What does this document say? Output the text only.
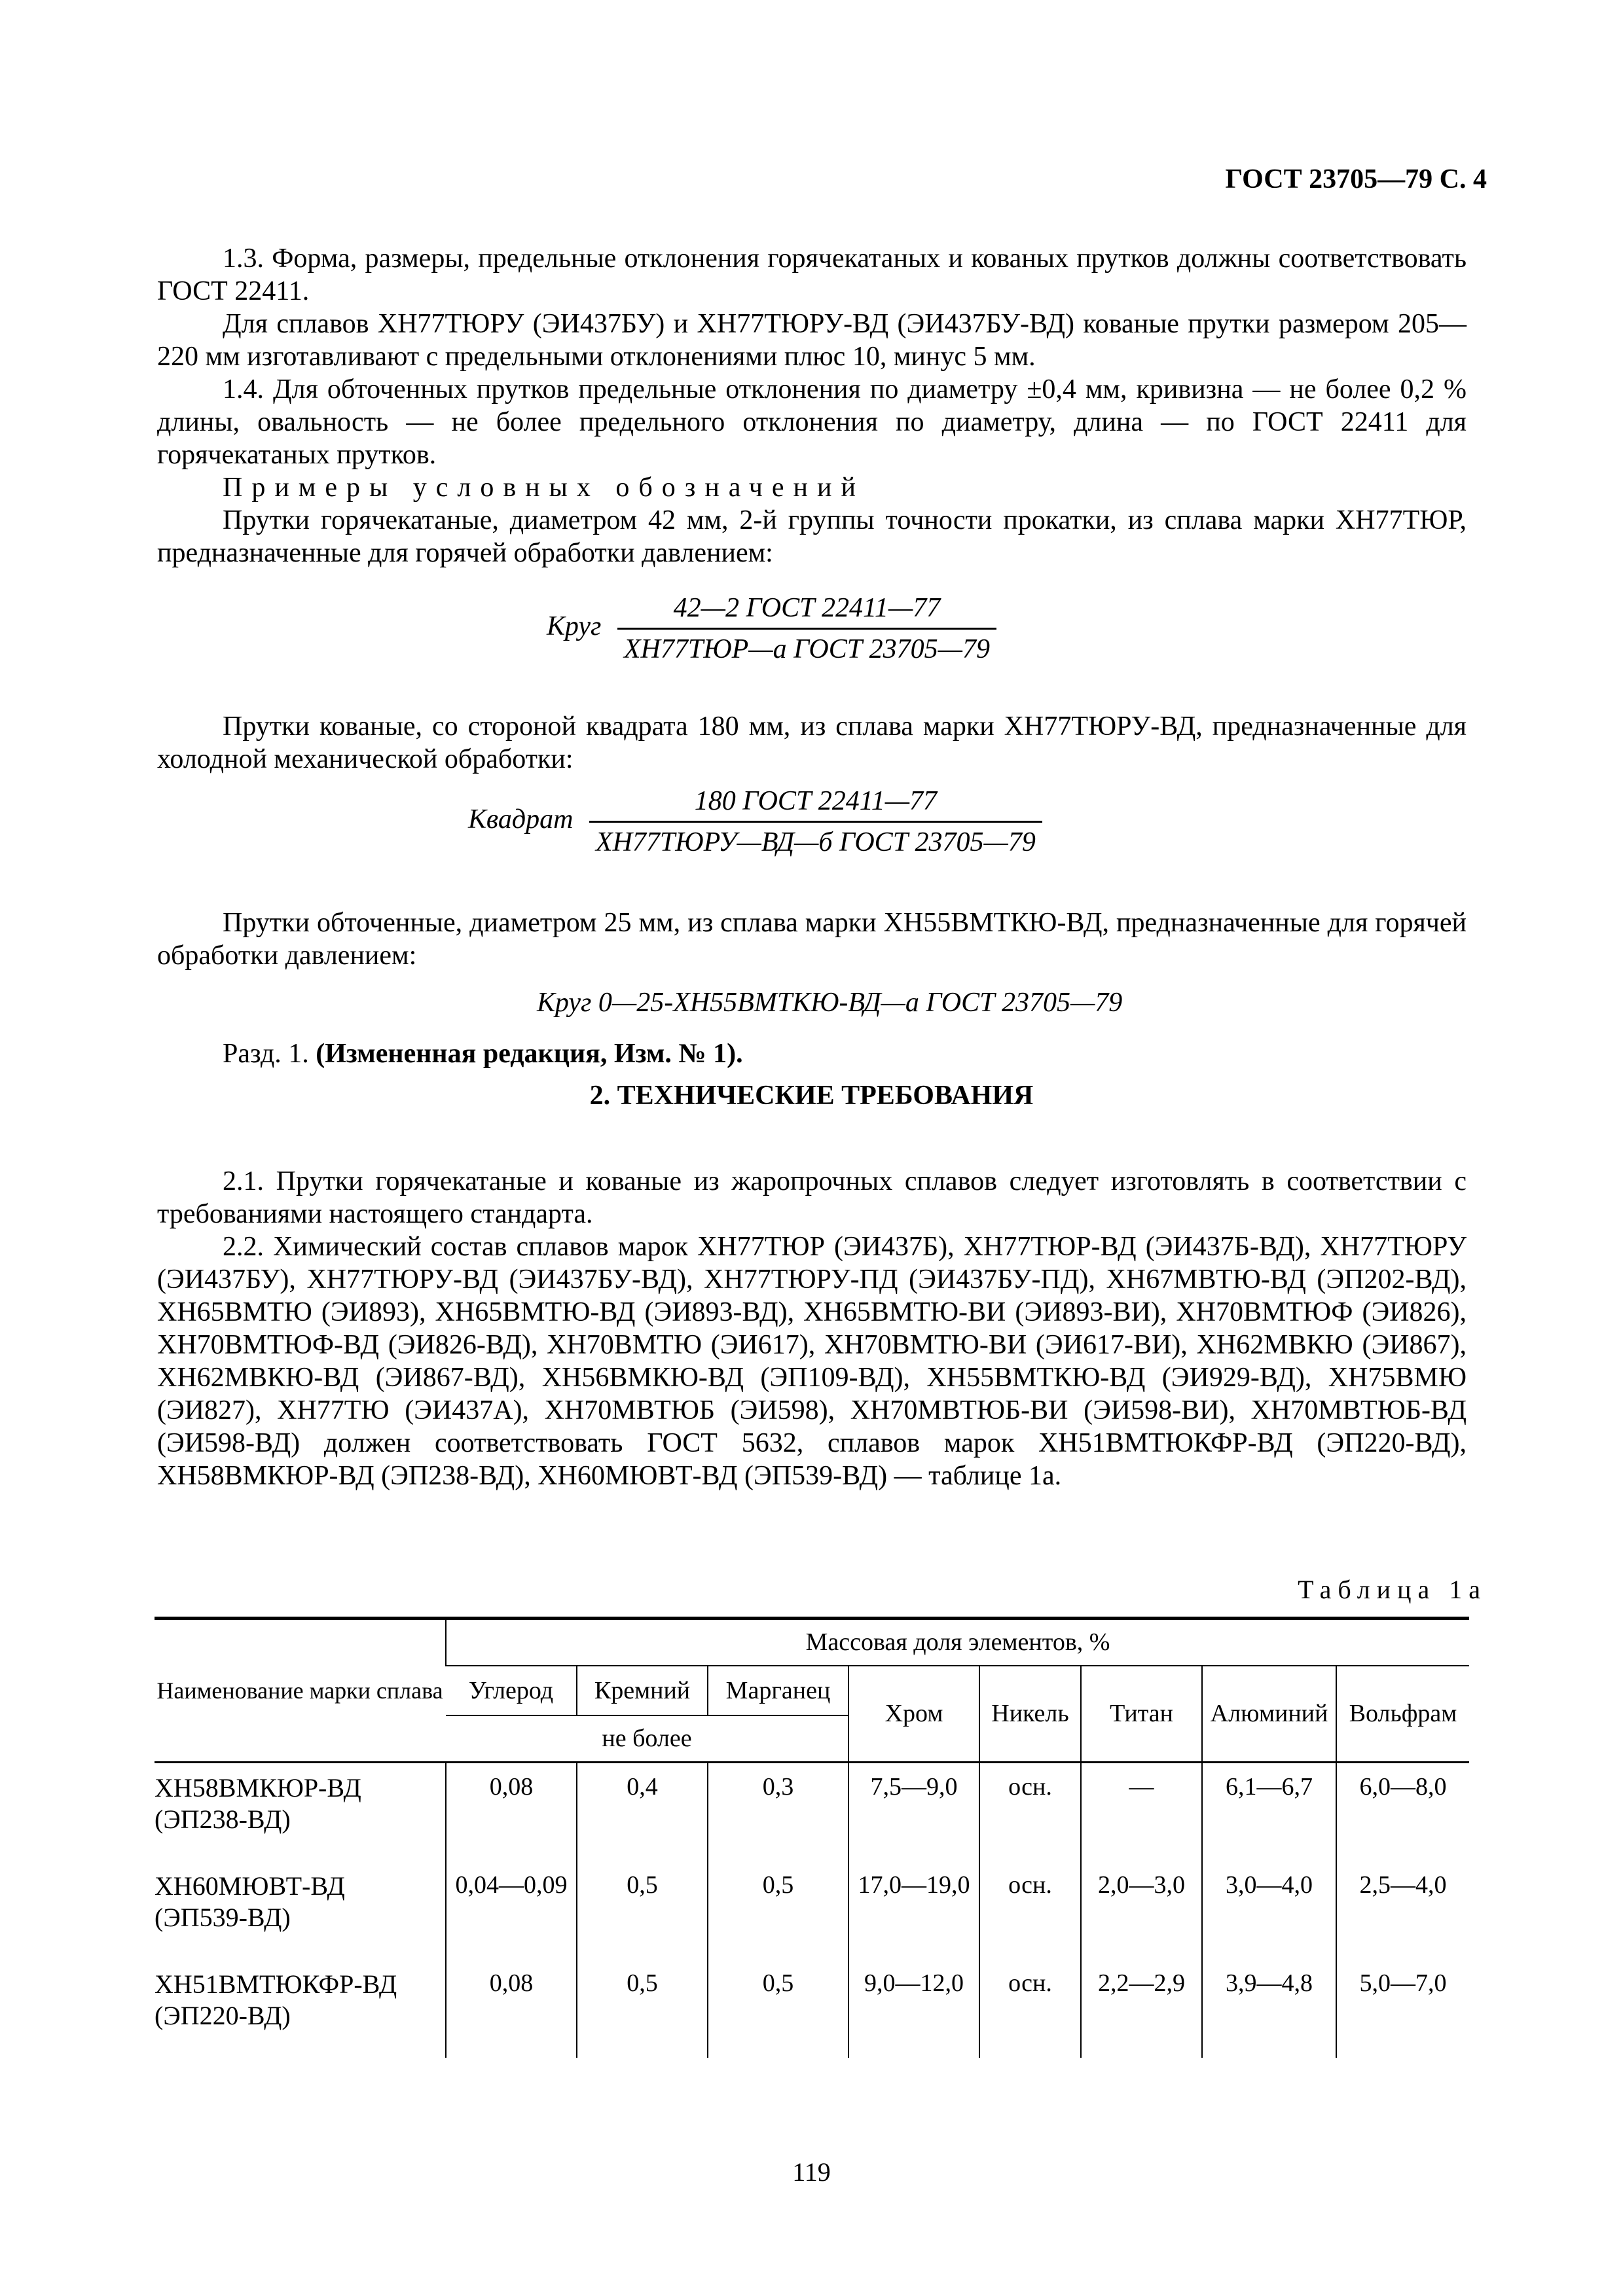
ГОСТ 23705—79 С. 4

1.3. Форма, размеры, предельные отклонения горячекатаных и кованых прутков должны соответствовать ГОСТ 22411.

Для сплавов ХН77ТЮРУ (ЭИ437БУ) и ХН77ТЮРУ-ВД (ЭИ437БУ-ВД) кованые прутки размером 205—220 мм изготавливают с предельными отклонениями плюс 10, минус 5 мм.

1.4. Для обточенных прутков предельные отклонения по диаметру ±0,4 мм, кривизна — не более 0,2 % длины, овальность — не более предельного отклонения по диаметру, длина — по ГОСТ 22411 для горячекатаных прутков.

Примеры условных обозначений

Прутки горячекатаные, диаметром 42 мм, 2-й группы точности прокатки, из сплава марки ХН77ТЮР, предназначенные для горячей обработки давлением:

Круг $\frac{\text{42—2 ГОСТ 22411—77}}{\text{ХН77ТЮР—а ГОСТ 23705—79}}$

Прутки кованые, со стороной квадрата 180 мм, из сплава марки ХН77ТЮРУ-ВД, предназначенные для холодной механической обработки:

Квадрат $\frac{\text{180 ГОСТ 22411—77}}{\text{ХН77ТЮРУ—ВД—б ГОСТ 23705—79}}$

Прутки обточенные, диаметром 25 мм, из сплава марки ХН55ВМТКЮ-ВД, предназначенные для горячей обработки давлением:

Круг 0—25-ХН55ВМТКЮ-ВД—а ГОСТ 23705—79

Разд. 1. (Измененная редакция, Изм. № 1).

2. ТЕХНИЧЕСКИЕ ТРЕБОВАНИЯ

2.1. Прутки горячекатаные и кованые из жаропрочных сплавов следует изготовлять в соответствии с требованиями настоящего стандарта.

2.2. Химический состав сплавов марок ХН77ТЮР (ЭИ437Б), ХН77ТЮР-ВД (ЭИ437Б-ВД), ХН77ТЮРУ (ЭИ437БУ), ХН77ТЮРУ-ВД (ЭИ437БУ-ВД), ХН77ТЮРУ-ПД (ЭИ437БУ-ПД), ХН67МВТЮ-ВД (ЭП202-ВД), ХН65ВМТЮ (ЭИ893), ХН65ВМТЮ-ВД (ЭИ893-ВД), ХН65ВМТЮ-ВИ (ЭИ893-ВИ), ХН70ВМТЮФ (ЭИ826), ХН70ВМТЮФ-ВД (ЭИ826-ВД), ХН70ВМТЮ (ЭИ617), ХН70ВМТЮ-ВИ (ЭИ617-ВИ), ХН62МВКЮ (ЭИ867), ХН62МВКЮ-ВД (ЭИ867-ВД), ХН56ВМКЮ-ВД (ЭП109-ВД), ХН55ВМТКЮ-ВД (ЭИ929-ВД), ХН75ВМЮ (ЭИ827), ХН77ТЮ (ЭИ437А), ХН70МВТЮБ (ЭИ598), ХН70МВТЮБ-ВИ (ЭИ598-ВИ), ХН70МВТЮБ-ВД (ЭИ598-ВД) должен соответствовать ГОСТ 5632, сплавов марок ХН51ВМТЮКФР-ВД (ЭП220-ВД), ХН58ВМКЮР-ВД (ЭП238-ВД), ХН60МЮВТ-ВД (ЭП539-ВД) — таблице 1а.

Таблица 1а
Наименование марки сплава	Массовая доля элементов, %							
	Углерод	Кремний	Марганец	Хром	Никель	Титан	Алюминий	Вольфрам
	не более							
ХН58ВМКЮР-ВД
(ЭП238-ВД)	0,08	0,4	0,3	7,5—9,0	осн.	—	6,1—6,7	6,0—8,0
ХН60МЮВТ-ВД
(ЭП539-ВД)	0,04—0,09	0,5	0,5	17,0—19,0	осн.	2,0—3,0	3,0—4,0	2,5—4,0
ХН51ВМТЮКФР-ВД
(ЭП220-ВД)	0,08	0,5	0,5	9,0—12,0	осн.	2,2—2,9	3,9—4,8	5,0—7,0
119
